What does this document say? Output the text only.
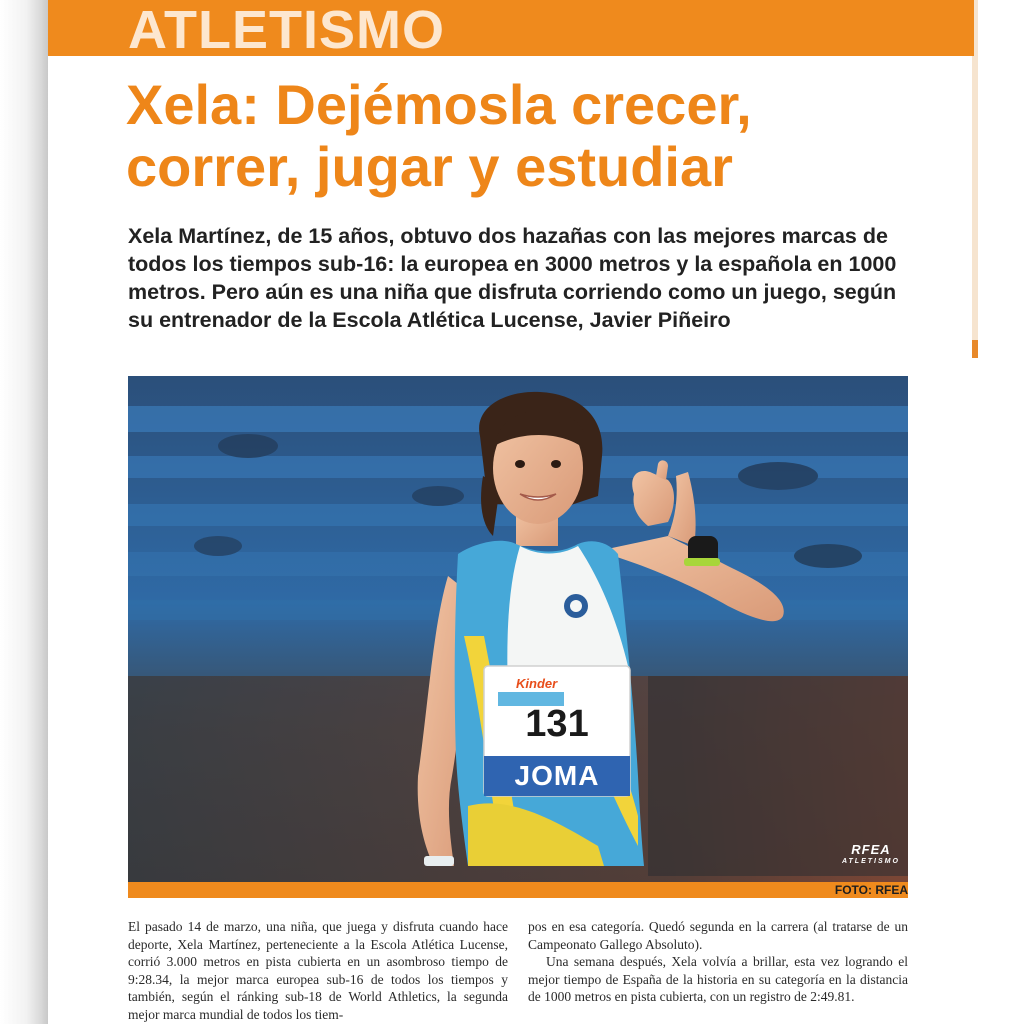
ATLETISMO
Xela: Dejémosla crecer, correr, jugar y estudiar

Xela Martínez, de 15 años, obtuvo dos hazañas con las mejores marcas de todos los tiempos sub-16: la europea en 3000 metros y la española en 1000 metros. Pero aún es una niña que disfruta corriendo como un juego, según su entrenador de la Escola Atlética Lucense, Javier Piñeiro

Kinder
131
JOMA
RFEA
ATLETISMO
FOTO: RFEA

El pasado 14 de marzo, una niña, que juega y disfruta cuando hace deporte, Xela Martínez, perteneciente a la Escola Atlética Lucense, corrió 3.000 metros en pista cubierta en un asombroso tiempo de 9:28.34, la mejor marca europea sub-16 de todos los tiempos y también, según el ránking sub-18 de World Athletics, la segunda mejor marca mundial de todos los tiem-

pos en esa categoría. Quedó segunda en la carrera (al tratarse de un Campeonato Gallego Absoluto).

Una semana después, Xela volvía a brillar, esta vez logrando el mejor tiempo de España de la historia en su categoría en la distancia de 1000 metros en pista cubierta, con un registro de 2:49.81.
